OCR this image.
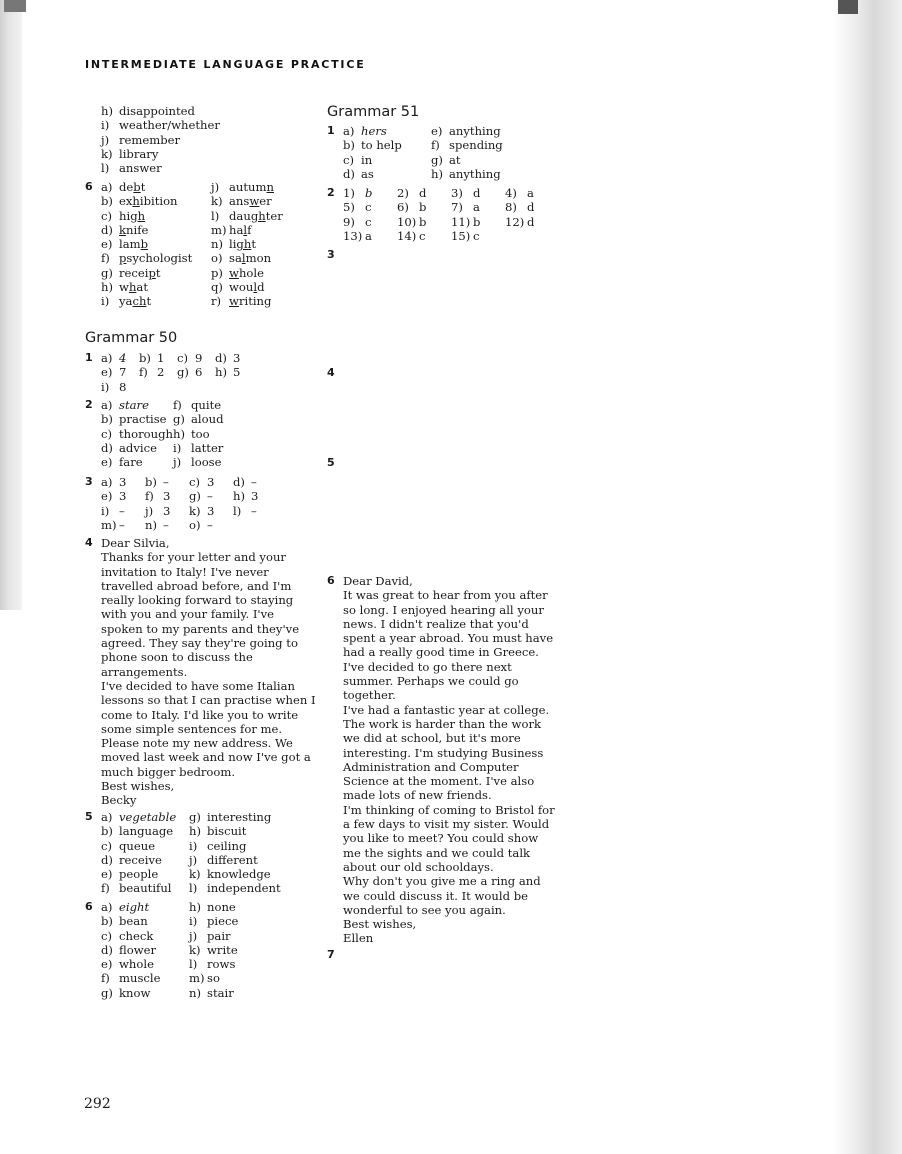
INTERMEDIATE LANGUAGE PRACTICE
h) disappointed
i) weather/whether
j) remember
k) library
l) answer
6 a) debt	j) autumn
b) exhibition	k) answer
c) high	l) daughter
d) knife	m) half
e) lamb	n) light
f) psychologist o) salmon
g) receipt	p) whole
h) what	q) would
i) yacht	r) writing
Grammar 50
1 a) 4 b) 1 c) 9 d) 3
e) 7 f) 2 g) 6 h) 5
i) 8
2 a) stare f) quite
b) practise g) aloud
c) thorough h) too
d) advice i) latter
e) fare	j) loose
3 a) 3 b) – c) 3 d) –
e) 3 f) 3 g) – h) 3
i) – j) 3 k) 3 l) –
m) – n) – o) –
4 Dear Silvia,
Thanks for your letter and your
invitation to Italy! I've never
travelled abroad before, and I'm
really looking forward to staying
with you and your family. I've
spoken to my parents and they've
agreed. They say they're going to
phone soon to discuss the
arrangements.
I've decided to have some Italian
lessons so that I can practise when I
come to Italy. I'd like you to write
some simple sentences for me.
Please note my new address. We
moved last week and now I've got a
much bigger bedroom.
Best wishes,
Becky
5 a) vegetable g) interesting
b) language h) biscuit
c) queue	i) ceiling
d) receive j) different
e) people	k) knowledge
f) beautiful l) independent
6 a) eight	h) none
b) bean	i) piece
c) check	j) pair
d) flower	k) write
e) whole	l) rows
f) muscle m) so
g) know	n) stair
Grammar 51
1 a) hers	e) anything
b) to help	f) spending
c) in	g) at
d) as	h) anything
2 1) b 2) d 3) d 4) a
5) c 6) b 7) a 8) d
9) c 10) b 11) b 12) d
13) a 14) c 15) c
3
4
5
6 Dear David,
It was great to hear from you after
so long. I enjoyed hearing all your
news. I didn't realize that you'd
spent a year abroad. You must have
had a really good time in Greece.
I've decided to go there next
summer. Perhaps we could go
together.
I've had a fantastic year at college.
The work is harder than the work
we did at school, but it's more
interesting. I'm studying Business
Administration and Computer
Science at the moment. I've also
made lots of new friends.
I'm thinking of coming to Bristol for
a few days to visit my sister. Would
you like to meet? You could show
me the sights and we could talk
about our old schooldays.
Why don't you give me a ring and
we could discuss it. It would be
wonderful to see you again.
Best wishes,
Ellen
7
292
